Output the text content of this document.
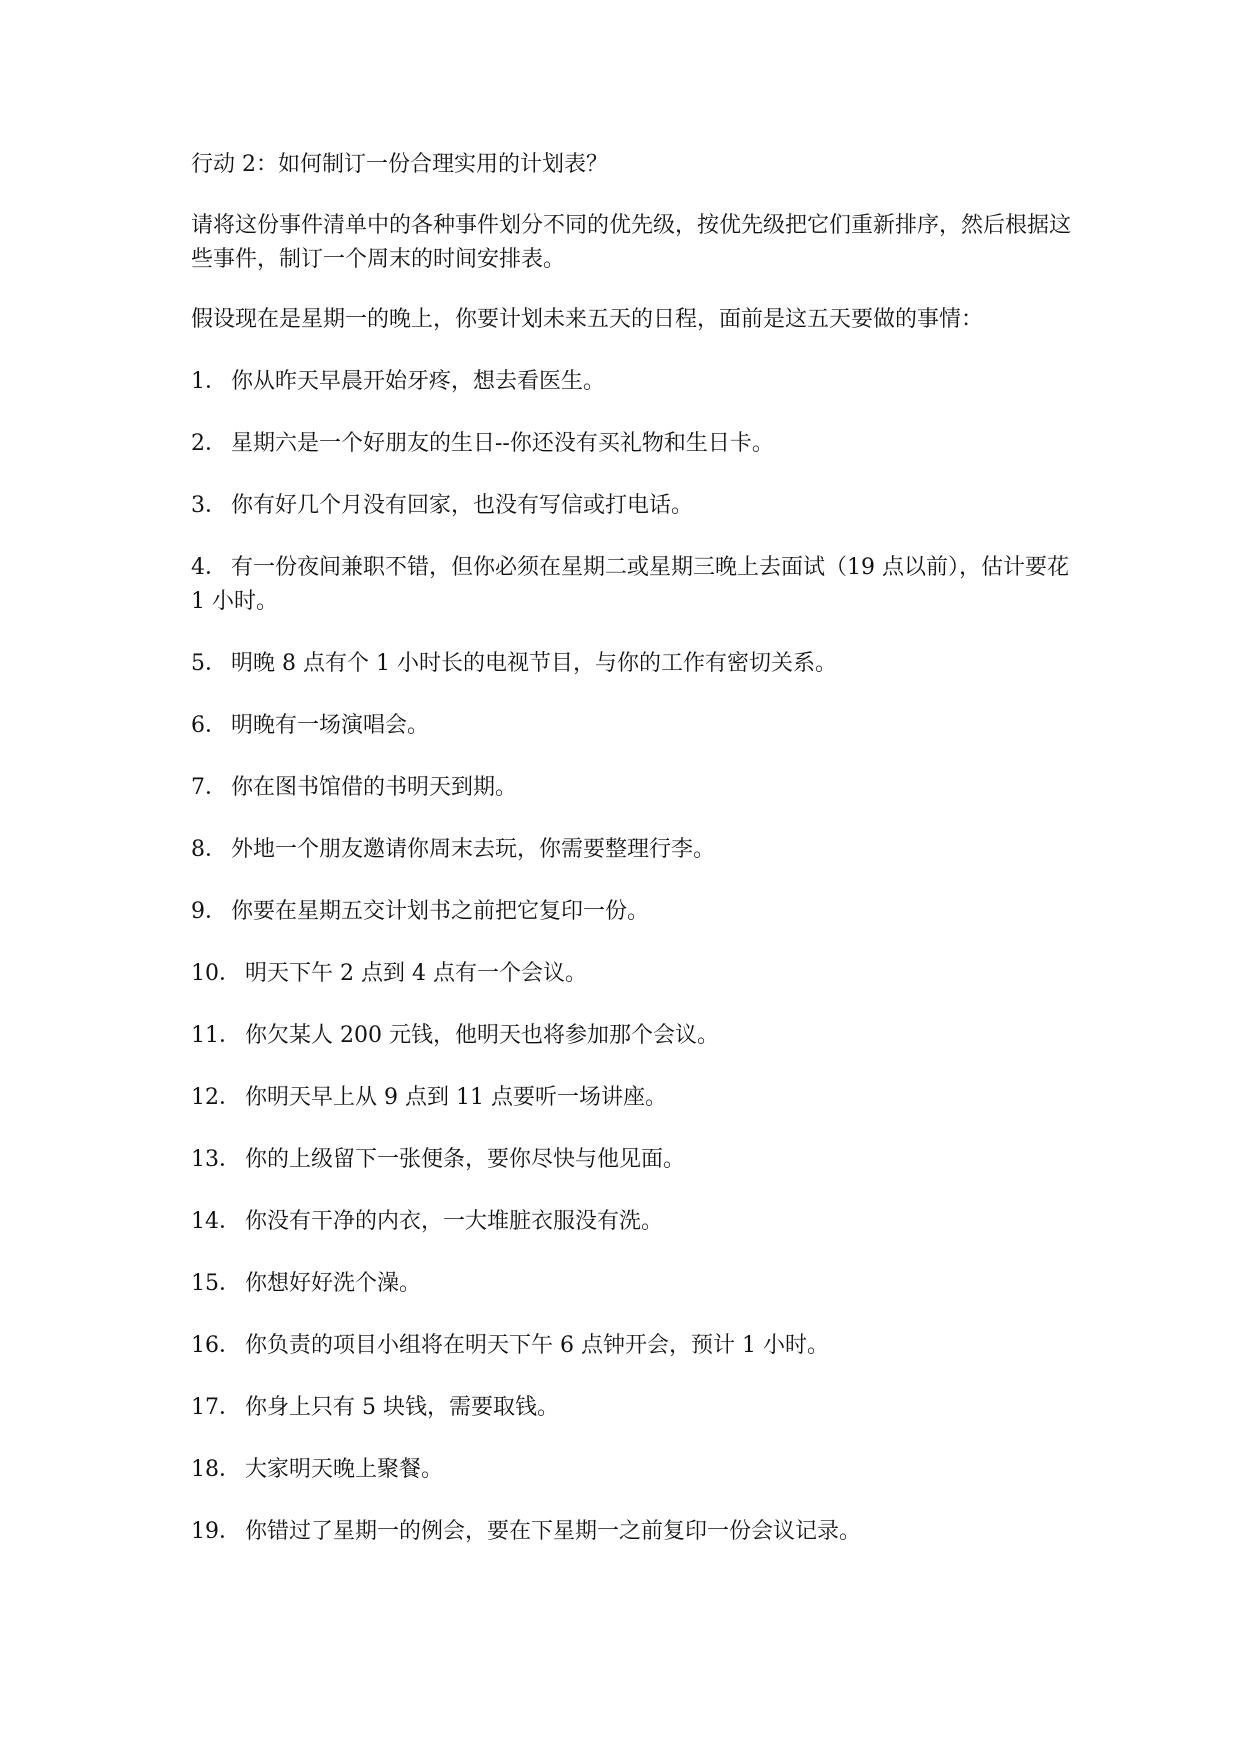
行动 2：如何制订一份合理实用的计划表？

请将这份事件清单中的各种事件划分不同的优先级，按优先级把它们重新排序，然后根据这些事件，制订一个周末的时间安排表。

假设现在是星期一的晚上，你要计划未来五天的日程，面前是这五天要做的事情：

1． 你从昨天早晨开始牙疼，想去看医生。
2． 星期六是一个好朋友的生日--你还没有买礼物和生日卡。
3． 你有好几个月没有回家，也没有写信或打电话。
4． 有一份夜间兼职不错，但你必须在星期二或星期三晚上去面试（19 点以前），估计要花 1 小时。
5． 明晚 8 点有个 1 小时长的电视节目，与你的工作有密切关系。
6． 明晚有一场演唱会。
7． 你在图书馆借的书明天到期。
8． 外地一个朋友邀请你周末去玩，你需要整理行李。
9． 你要在星期五交计划书之前把它复印一份。
10． 明天下午 2 点到 4 点有一个会议。
11． 你欠某人 200 元钱，他明天也将参加那个会议。
12． 你明天早上从 9 点到 11 点要听一场讲座。
13． 你的上级留下一张便条，要你尽快与他见面。
14． 你没有干净的内衣，一大堆脏衣服没有洗。
15． 你想好好洗个澡。
16． 你负责的项目小组将在明天下午 6 点钟开会，预计 1 小时。
17． 你身上只有 5 块钱，需要取钱。
18． 大家明天晚上聚餐。
19． 你错过了星期一的例会，要在下星期一之前复印一份会议记录。
